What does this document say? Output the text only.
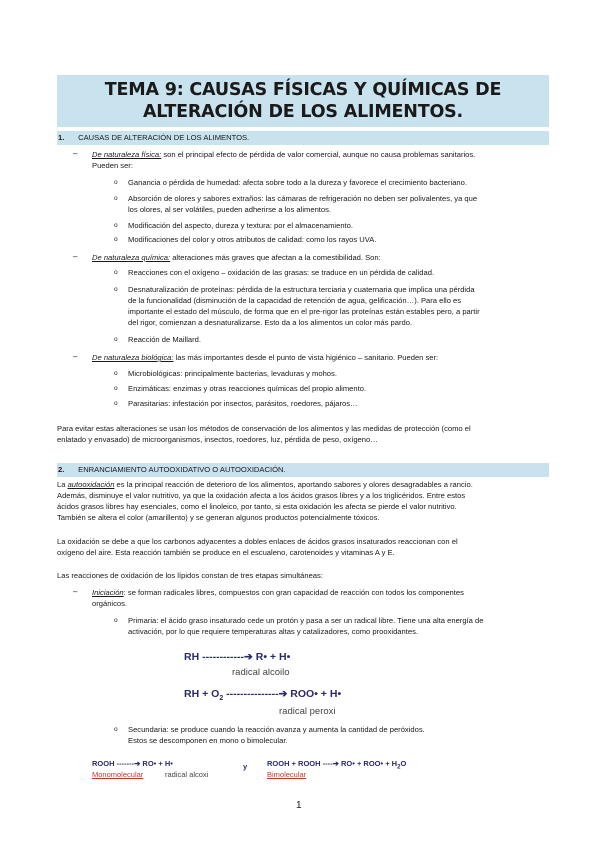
TEMA 9: CAUSAS FÍSICAS Y QUÍMICAS DE
ALTERACIÓN DE LOS ALIMENTOS.
1. CAUSAS DE ALTERACIÓN DE LOS ALIMENTOS.
– De naturaleza física: son el principal efecto de pérdida de valor comercial, aunque no causa problemas sanitarios.
Pueden ser:
o Ganancia o pérdida de humedad: afecta sobre todo a la dureza y favorece el crecimiento bacteriano.
o Absorción de olores y sabores extraños: las cámaras de refrigeración no deben ser polivalentes, ya que
los olores, al ser volátiles, pueden adherirse a los alimentos.
o Modificación del aspecto, dureza y textura: por el almacenamiento.
o Modificaciones del color y otros atributos de calidad: como los rayos UVA.
– De naturaleza química: alteraciones más graves que afectan a la comestibilidad. Son:
o Reacciones con el oxígeno – oxidación de las grasas: se traduce en un pérdida de calidad.
o Desnaturalización de proteínas: pérdida de la estructura terciaria y cuaternaria que implica una pérdida
de la funcionalidad (disminución de la capacidad de retención de agua, gelificación…). Para ello es
importante el estado del músculo, de forma que en el pre-rigor las proteínas están estables pero, a partir
del rigor, comienzan a desnaturalizarse. Esto da a los alimentos un color más pardo.
o Reacción de Maillard.
– De naturaleza biológica: las más importantes desde el punto de vista higiénico – sanitario. Pueden ser:
o Microbiológicas: principalmente bacterias, levaduras y mohos.
o Enzimáticas: enzimas y otras reacciones químicas del propio alimento.
o Parasitarias: infestación por insectos, parásitos, roedores, pájaros…
Para evitar estas alteraciones se usan los métodos de conservación de los alimentos y las medidas de protección (como el
enlatado y envasado) de microorganismos, insectos, roedores, luz, pérdida de peso, oxígeno…
2. ENRANCIAMIENTO AUTOOXIDATIVO O AUTOOXIDACIÓN.
La autooxidación es la principal reacción de deterioro de los alimentos, aportando sabores y olores desagradables a rancio.
Además, disminuye el valor nutritivo, ya que la oxidación afecta a los ácidos grasos libres y a los triglicéridos. Entre estos
ácidos grasos libres hay esenciales, como el linoleico, por tanto, si esta oxidación les afecta se pierde el valor nutritivo.
También se altera el color (amarillento) y se generan algunos productos potencialmente tóxicos.
La oxidación se debe a que los carbonos adyacentes a dobles enlaces de ácidos grasos insaturados reaccionan con el
oxígeno del aire. Esta reacción también se produce en el escualeno, carotenoides y vitaminas A y E.
Las reacciones de oxidación de los lípidos constan de tres etapas simultáneas:
– Iniciación: se forman radicales libres, compuestos con gran capacidad de reacción con todos los componentes
orgánicos.
o Primaria: el ácido graso insaturado cede un protón y pasa a ser un radical libre. Tiene una alta energía de
activación, por lo que requiere temperaturas altas y catalizadores, como prooxidantes.
RH ------------➔ R• + H•
radical alcoilo
RH + $O_2$ ---------------➔ ROO• + H•
radical peroxi
o Secundaria: se produce cuando la reacción avanza y aumenta la cantidad de peróxidos.
Estos se descomponen en mono o bimolecular.
ROOH -------➔ RO• + H•
Monomolecular	radical alcoxi
y	ROOH + ROOH ----➔ RO• + ROO• + $H_2O$
Bimolecular
1
